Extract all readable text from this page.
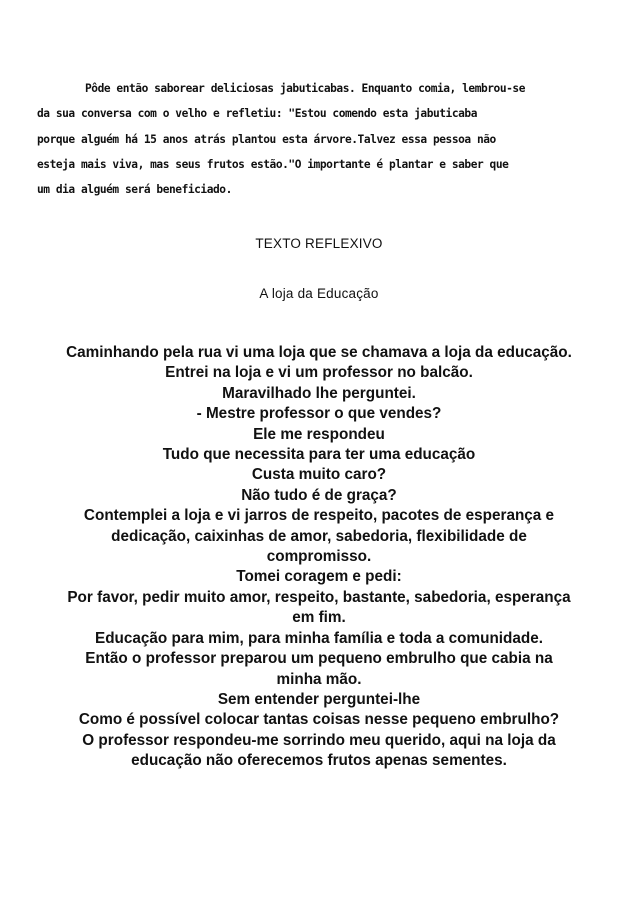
Pôde então saborear deliciosas jabuticabas. Enquanto comia, lembrou-se
da sua conversa com o velho e refletiu: "Estou comendo esta jabuticaba
porque alguém há 15 anos atrás plantou esta árvore.Talvez essa pessoa não
esteja mais viva, mas seus frutos estão."O importante é plantar e saber que
um dia alguém será beneficiado.
TEXTO REFLEXIVO
A loja da Educação
Caminhando pela rua vi uma loja que se chamava a loja da educação.
Entrei na loja e vi um professor no balcão.
Maravilhado lhe perguntei.
- Mestre professor o que vendes?
Ele me respondeu
Tudo que necessita para ter uma educação
Custa muito caro?
Não tudo é de graça?
Contemplei a loja e vi jarros de respeito, pacotes de esperança e
dedicação, caixinhas de amor, sabedoria, flexibilidade de
compromisso.
Tomei coragem e pedi:
Por favor, pedir muito amor, respeito, bastante, sabedoria, esperança
em fim.
Educação para mim, para minha família e toda a comunidade.
Então o professor preparou um pequeno embrulho que cabia na
minha mão.
Sem entender perguntei-lhe
Como é possível colocar tantas coisas nesse pequeno embrulho?
O professor respondeu-me sorrindo meu querido, aqui na loja da
educação não oferecemos frutos apenas sementes.
